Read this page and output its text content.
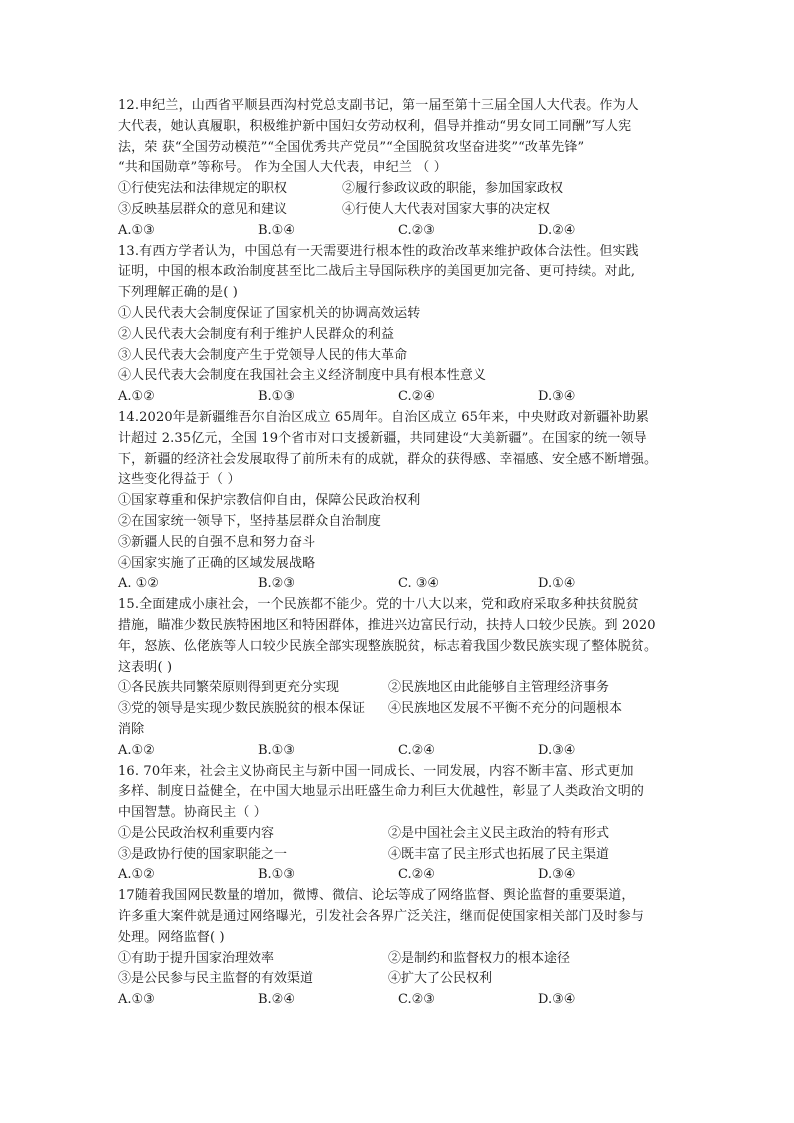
12.申纪兰，山西省平顺县西沟村党总支副书记，第一届至第十三届全国人大代表。作为人
大代表，她认真履职，积极维护新中国妇女劳动权利，倡导并推动“男女同工同酬”写人宪
法，荣 获“全国劳动模范”“全国优秀共产党员”“全国脱贫攻坚奋进奖”“改革先锋”
“共和国勋章”等称号。 作为全国人大代表，申纪兰 （ ）
①行使宪法和法律规定的职权	②履行参政议政的职能，参加国家政权
③反映基层群众的意见和建议	④行使人大代表对国家大事的决定权
A.①③	B.①④	C.②③	D.②④
13.有西方学者认为，中国总有一天需要进行根本性的政治改革来维护政体合法性。但实践
证明，中国的根本政治制度甚至比二战后主导国际秩序的美国更加完备、更可持续。对此,
下列理解正确的是( )
①人民代表大会制度保证了国家机关的协调高效运转
②人民代表大会制度有利于维护人民群众的利益
③人民代表大会制度产生于党领导人民的伟大革命
④人民代表大会制度在我国社会主义经济制度中具有根本性意义
A.①②	B.①③	C.②④	D.③④
14.2020年是新疆维吾尔自治区成立 65周年。自治区成立 65年来，中央财政对新疆补助累
计超过 2.35亿元，全国 19个省市对口支援新疆，共同建设“大美新疆”。在国家的统一领导
下，新疆的经济社会发展取得了前所未有的成就，群众的获得感、幸福感、安全感不断增强。
这些变化得益于（ ）
①国家尊重和保护宗教信仰自由，保障公民政治权利
②在国家统一领导下，坚持基层群众自治制度
③新疆人民的自强不息和努力奋斗
④国家实施了正确的区域发展战略
A. ①②	B.②③	C. ③④	D.①④
15.全面建成小康社会，一个民族都不能少。党的十八大以来，党和政府采取多种扶贫脱贫
措施，瞄准少数民族特困地区和特困群体，推进兴边富民行动，扶持人口较少民族。到 2020
年，怒族、仫佬族等人口较少民族全部实现整族脱贫，标志着我国少数民族实现了整体脱贫。
这表明( )
①各民族共同繁荣原则得到更充分实现	②民族地区由此能够自主管理经济事务
③党的领导是实现少数民族脱贫的根本保证	④民族地区发展不平衡不充分的问题根本
消除
A.①②	B.①③	C.②④	D.③④
16. 70年来，社会主义协商民主与新中国一同成长、一同发展，内容不断丰富、形式更加
多样、制度日益健全，在中国大地显示出旺盛生命力利巨大优越性，彰显了人类政治文明的
中国智慧。协商民主（ ）
①是公民政治权利重要内容	②是中国社会主义民主政治的特有形式
③是政协行使的国家职能之一	④既丰富了民主形式也拓展了民主渠道
A.①②	B.①③	C.②④	D.③④
17随着我国网民数量的增加，微博、微信、论坛等成了网络监督、舆论监督的重要渠道，
许多重大案件就是通过网络曝光，引发社会各界广泛关注，继而促使国家相关部门及时参与
处理。网络监督( )
①有助于提升国家治理效率	②是制约和监督权力的根本途径
③是公民参与民主监督的有效渠道	④扩大了公民权利
A.①③	B.②④	C.②③	D.③④
